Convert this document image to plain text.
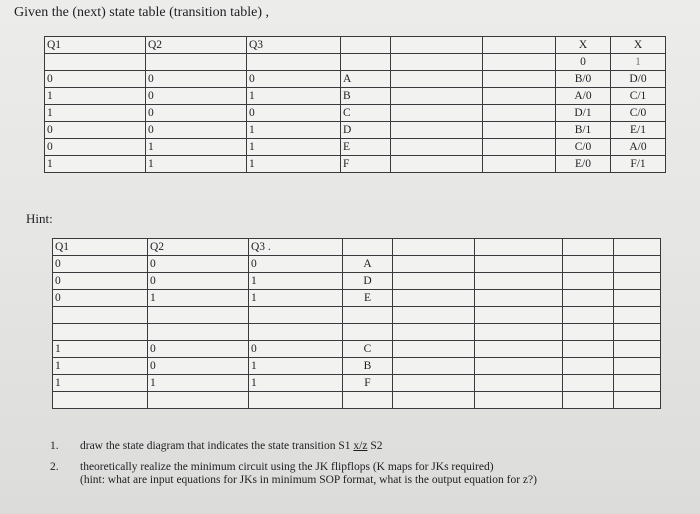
Given the (next) state table (transition table) ,
Q1	Q2	Q3				X	X
						0	1
0	0	0	A			B/0	D/0
1	0	1	B			A/0	C/1
1	0	0	C			D/1	C/0
0	0	1	D			B/1	E/1
0	1	1	E			C/0	A/0
1	1	1	F			E/0	F/1
Hint:
Q1	Q2	Q3 .					
0	0	0	A				
0	0	1	D				
0	1	1	E				

1	0	0	C				
1	0	1	B				
1	1	1	F				

1. draw the state diagram that indicates the state transition S1 x/z S2
2. theoretically realize the minimum circuit using the JK flipflops (K maps for JKs required)
(hint: what are input equations for JKs in minimum SOP format, what is the output equation for z?)
